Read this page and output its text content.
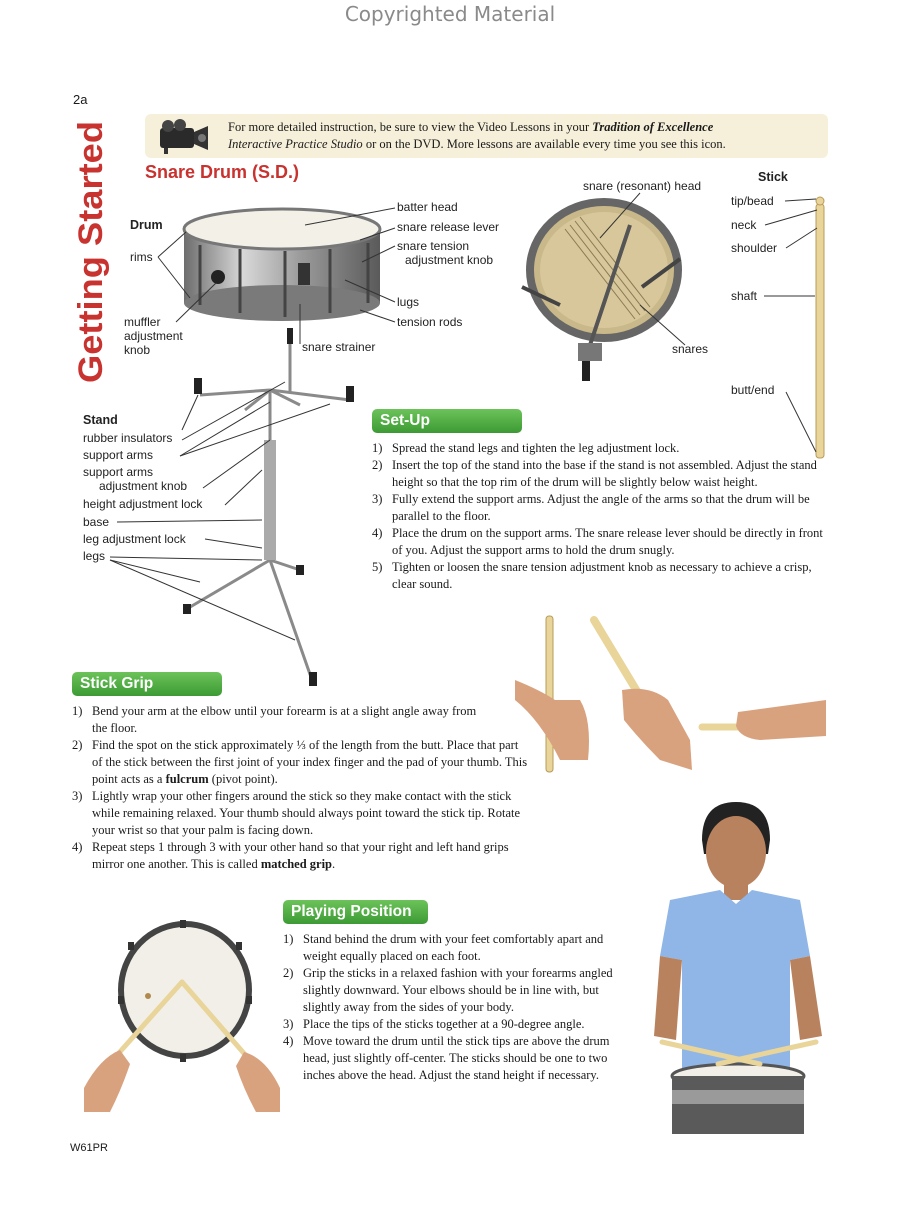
Copyrighted Material
2a
W61PR
Getting Started
For more detailed instruction, be sure to view the Video Lessons in your Tradition of Excellence
Interactive Practice Studio or on the DVD. More lessons are available every time you see this icon.
Snare Drum (S.D.)
Drum
rims
muffler
adjustment
knob
batter head
snare release lever
snare tension
adjustment knob
lugs
tension rods
snare strainer
snare (resonant) head
snares
Stick
tip/bead
neck
shoulder
shaft
butt/end
Stand
rubber insulators
support arms
support arms
adjustment knob
height adjustment lock
base
leg adjustment lock
legs
Set-Up
1) Spread the stand legs and tighten the leg adjustment lock.
2) Insert the top of the stand into the base if the stand is not assembled. Adjust the stand height so that the top rim of the drum will be slightly below waist height.
3) Fully extend the support arms. Adjust the angle of the arms so that the drum will be parallel to the floor.
4) Place the drum on the support arms. The snare release lever should be directly in front of you. Adjust the support arms to hold the drum snugly.
5) Tighten or loosen the snare tension adjustment knob as necessary to achieve a crisp, clear sound.
Stick Grip
1) Bend your arm at the elbow until your forearm is at a slight angle away from the floor.
2) Find the spot on the stick approximately ⅓ of the length from the butt. Place that part of the stick between the first joint of your index finger and the pad of your thumb. This point acts as a fulcrum (pivot point).
3) Lightly wrap your other fingers around the stick so they make contact with the stick while remaining relaxed. Your thumb should always point toward the stick tip. Rotate your wrist so that your palm is facing down.
4) Repeat steps 1 through 3 with your other hand so that your right and left hand grips mirror one another. This is called matched grip.
Playing Position
1) Stand behind the drum with your feet comfortably apart and weight equally placed on each foot.
2) Grip the sticks in a relaxed fashion with your forearms angled slightly downward. Your elbows should be in line with, but slightly away from the sides of your body.
3) Place the tips of the sticks together at a 90-degree angle.
4) Move toward the drum until the stick tips are above the drum head, just slightly off-center. The sticks should be one to two inches above the head. Adjust the stand height if necessary.
